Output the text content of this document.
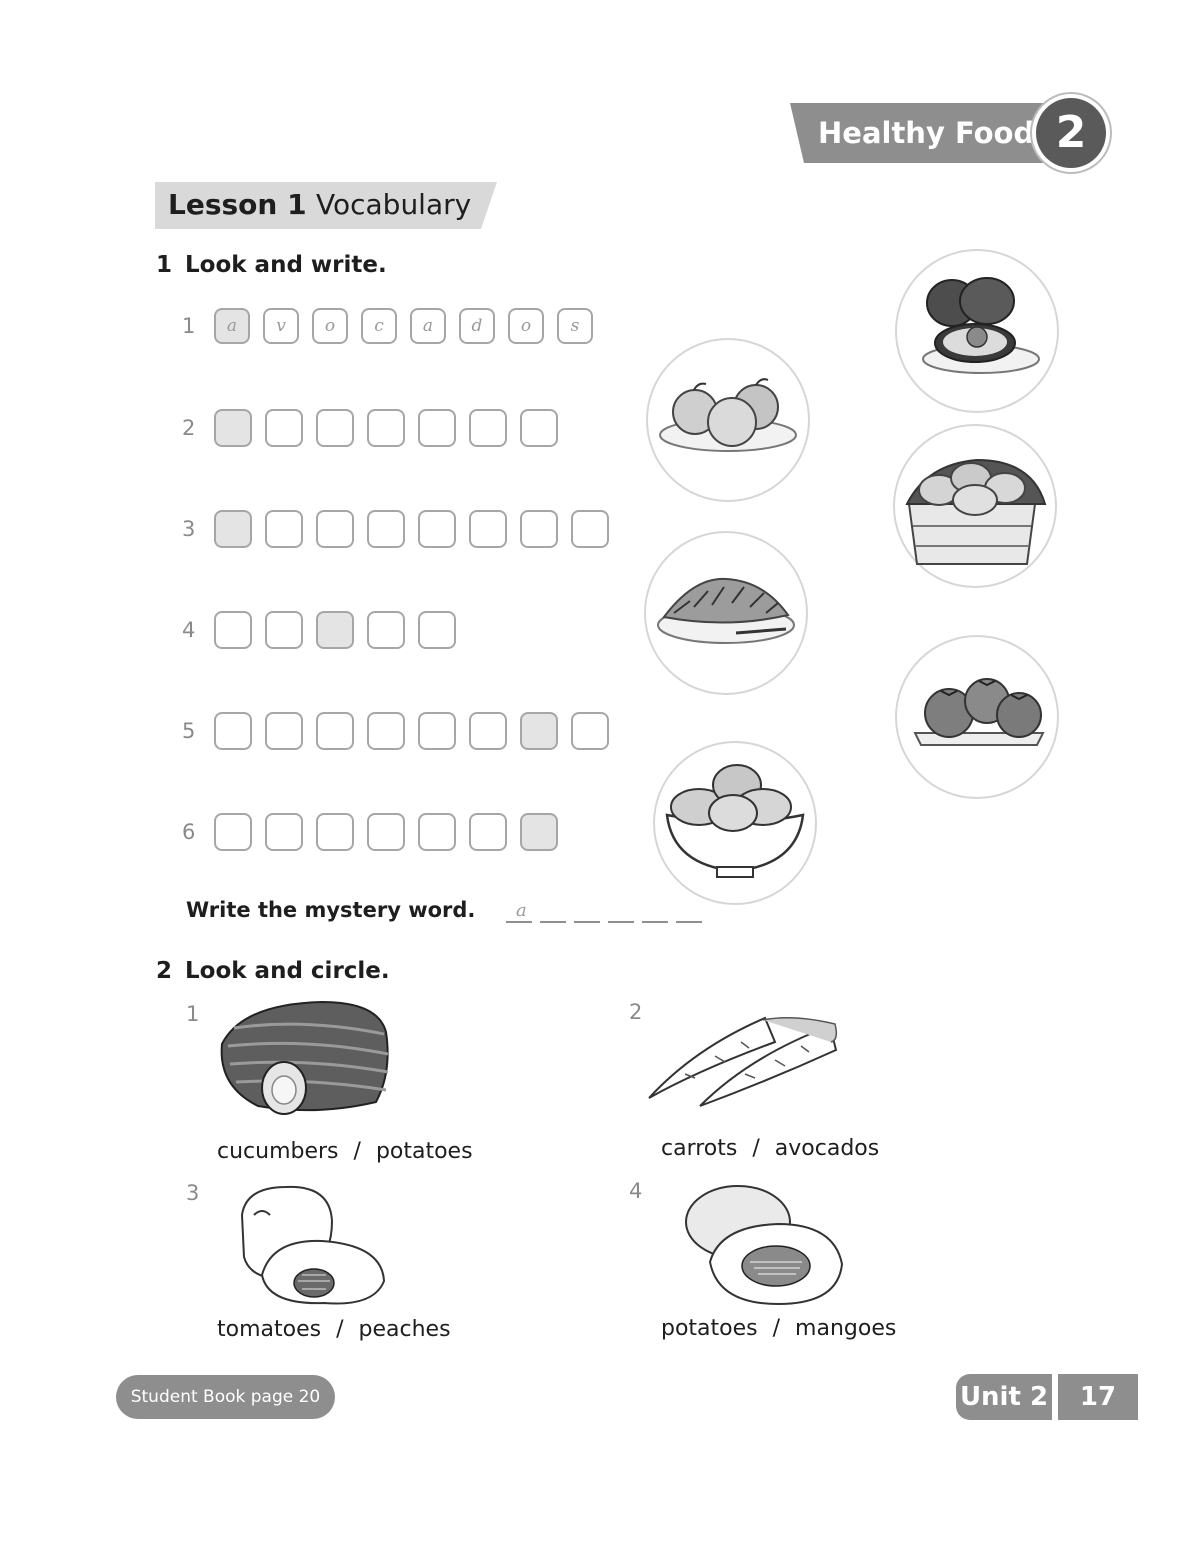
Healthy Food 2
Lesson 1 Vocabulary
1 Look and write.
1	a	v	o	c	a	d	o	s
2
3
4
5
6
Write the mystery word. a
2 Look and circle.
1
cucumbers / potatoes
2
carrots / avocados
3
tomatoes / peaches
4
potatoes / mangoes
Student Book page 20	Unit 2	17
